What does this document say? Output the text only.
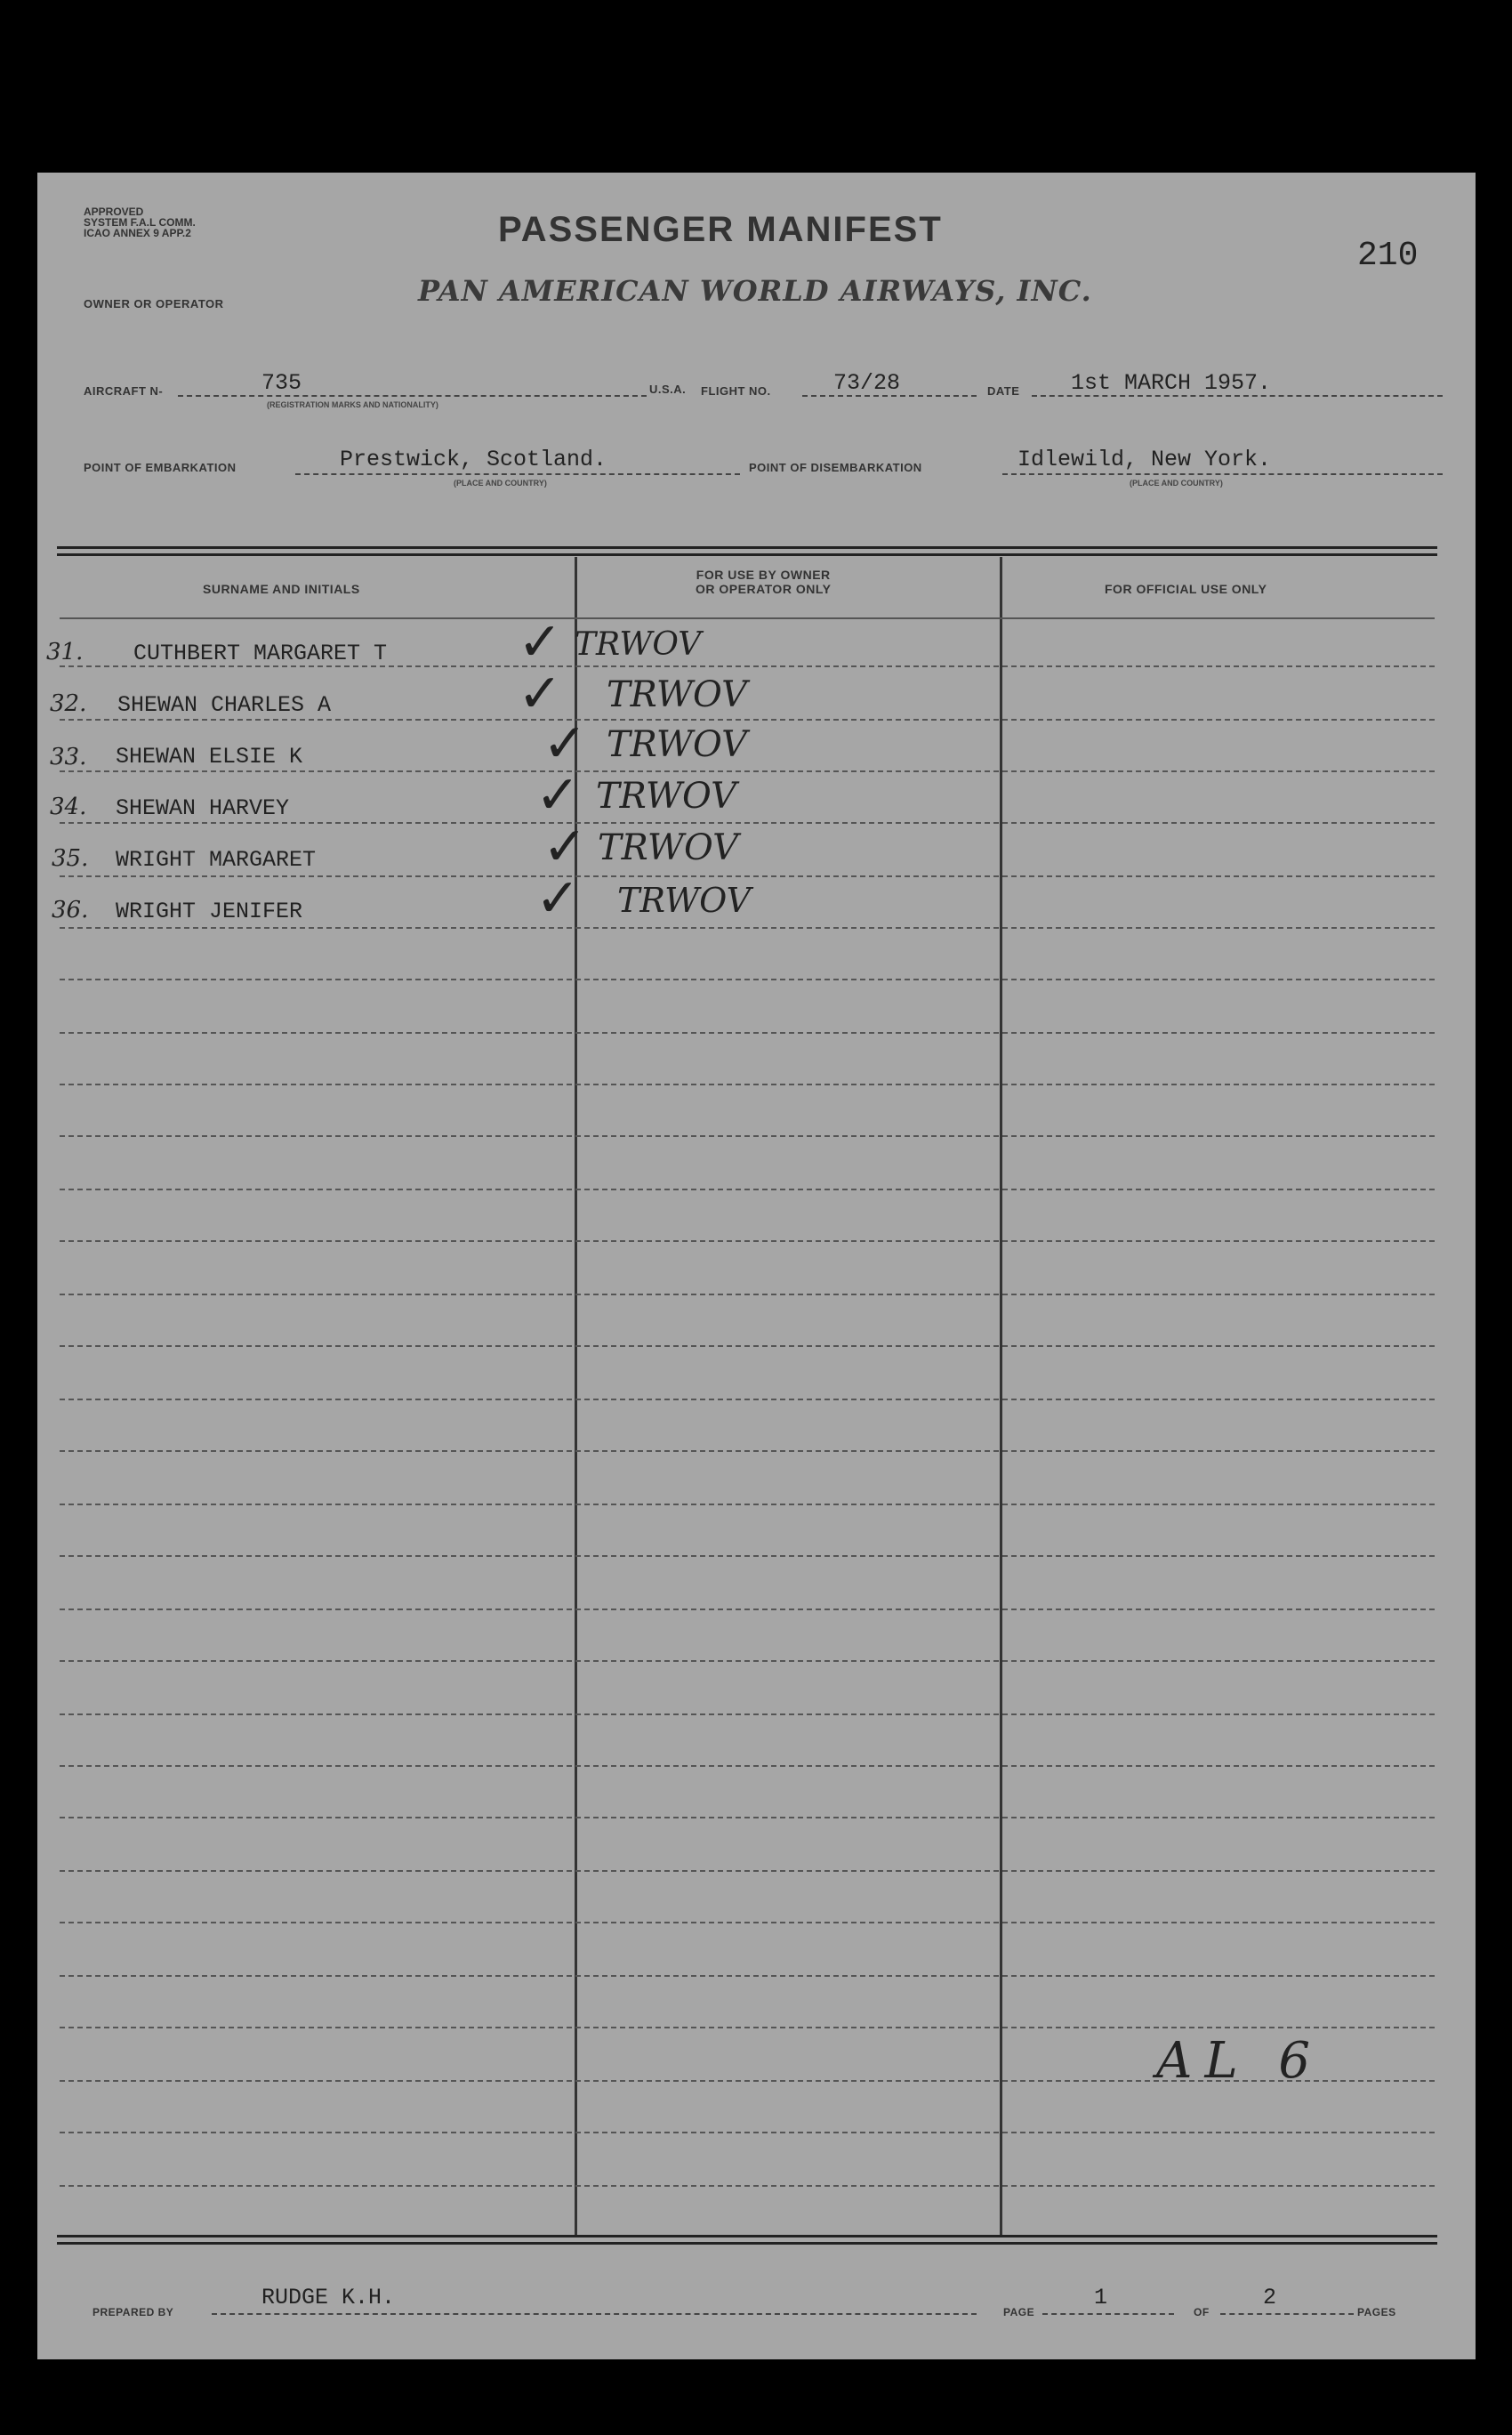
APPROVED
SYSTEM F.A.L COMM.
ICAO ANNEX 9 APP.2	PASSENGER MANIFEST
OWNER OR OPERATOR	PAN AMERICAN WORLD AIRWAYS, INC.
210
AIRCRAFT N-	735
(REGISTRATION MARKS AND NATIONALITY)
U.S.A. FLIGHT NO.	73/28	DATE 1st MARCH 1957.
POINT OF EMBARKATION	Prestwick, Scotland.
(PLACE AND COUNTRY)
POINT OF DISEMBARKATION	Idlewild, New York.
(PLACE AND COUNTRY)
SURNAME AND INITIALS
FOR USE BY OWNER
OR OPERATOR ONLY	FOR OFFICIAL USE ONLY
31. CUTHBERT MARGARET T ✓ TRWOV
32. SHEWAN CHARLES A	✓ TRWOV
33. SHEWAN ELSIE K	✓ TRWOV
34. SHEWAN HARVEY	✓ TRWOV
35. WRIGHT MARGARET	✓ TRWOV
36. WRIGHT JENIFER	✓ TRWOV
AL 6
PREPARED BY
RUDGE K.H.
PAGE
1
OF
2
PAGES
